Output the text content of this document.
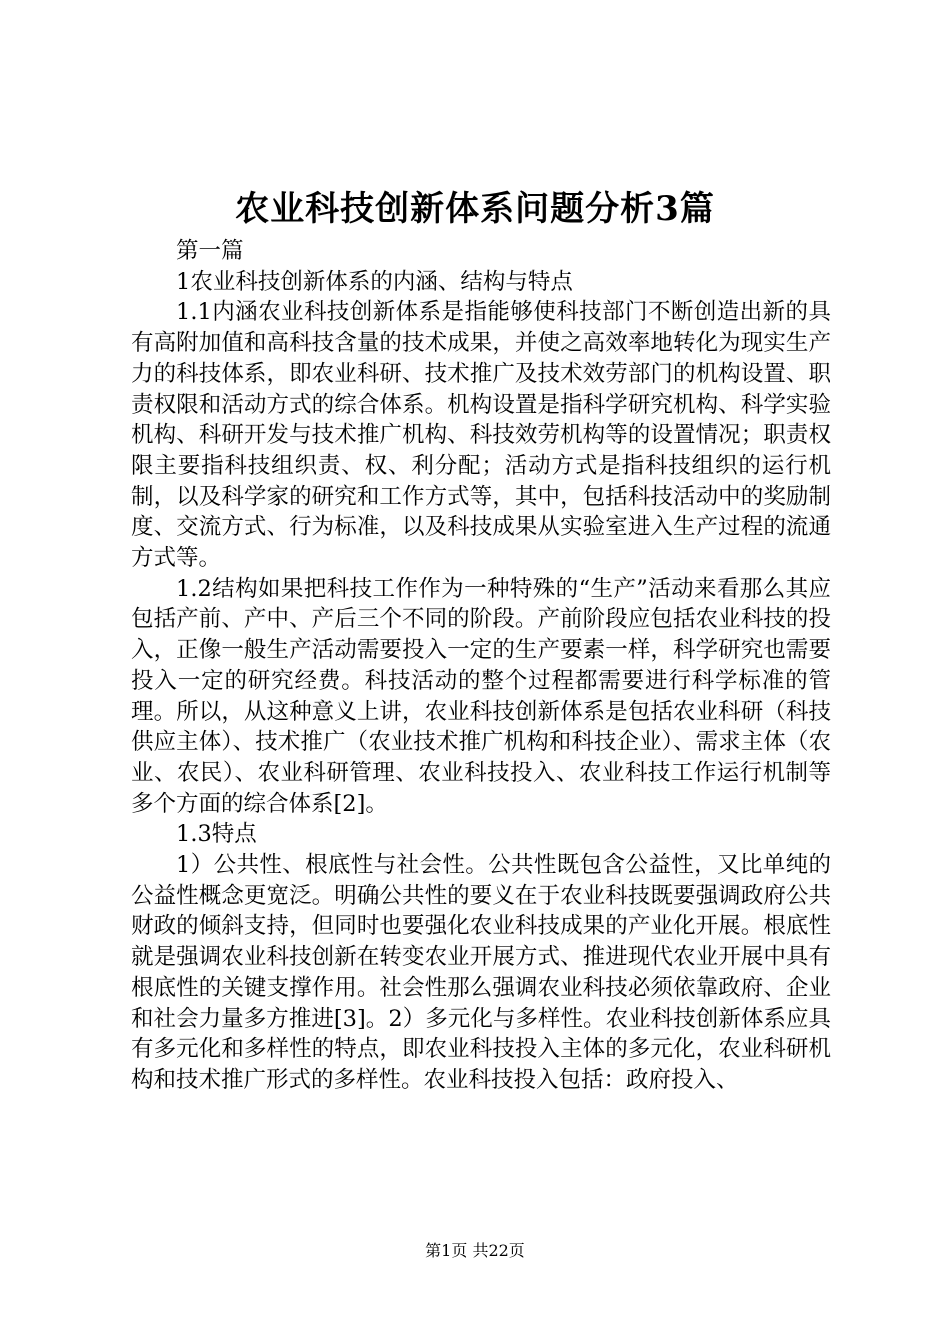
农业科技创新体系问题分析3篇

第一篇

1农业科技创新体系的内涵、结构与特点

1.1内涵农业科技创新体系是指能够使科技部门不断创造出新的具有高附加值和高科技含量的技术成果，并使之高效率地转化为现实生产力的科技体系，即农业科研、技术推广及技术效劳部门的机构设置、职责权限和活动方式的综合体系。机构设置是指科学研究机构、科学实验机构、科研开发与技术推广机构、科技效劳机构等的设置情况；职责权限主要指科技组织责、权、利分配；活动方式是指科技组织的运行机制，以及科学家的研究和工作方式等，其中，包括科技活动中的奖励制度、交流方式、行为标准，以及科技成果从实验室进入生产过程的流通方式等。

1.2结构如果把科技工作作为一种特殊的“生产”活动来看那么其应包括产前、产中、产后三个不同的阶段。产前阶段应包括农业科技的投入，正像一般生产活动需要投入一定的生产要素一样，科学研究也需要投入一定的研究经费。科技活动的整个过程都需要进行科学标准的管理。所以，从这种意义上讲，农业科技创新体系是包括农业科研（科技供应主体）、技术推广（农业技术推广机构和科技企业）、需求主体（农业、农民）、农业科研管理、农业科技投入、农业科技工作运行机制等多个方面的综合体系[2]。

1.3特点

1）公共性、根底性与社会性。公共性既包含公益性，又比单纯的公益性概念更宽泛。明确公共性的要义在于农业科技既要强调政府公共财政的倾斜支持，但同时也要强化农业科技成果的产业化开展。根底性就是强调农业科技创新在转变农业开展方式、推进现代农业开展中具有根底性的关键支撑作用。社会性那么强调农业科技必须依靠政府、企业和社会力量多方推进[3]。2）多元化与多样性。农业科技创新体系应具有多元化和多样性的特点，即农业科技投入主体的多元化，农业科研机构和技术推广形式的多样性。农业科技投入包括：政府投入、

第1页 共22页
